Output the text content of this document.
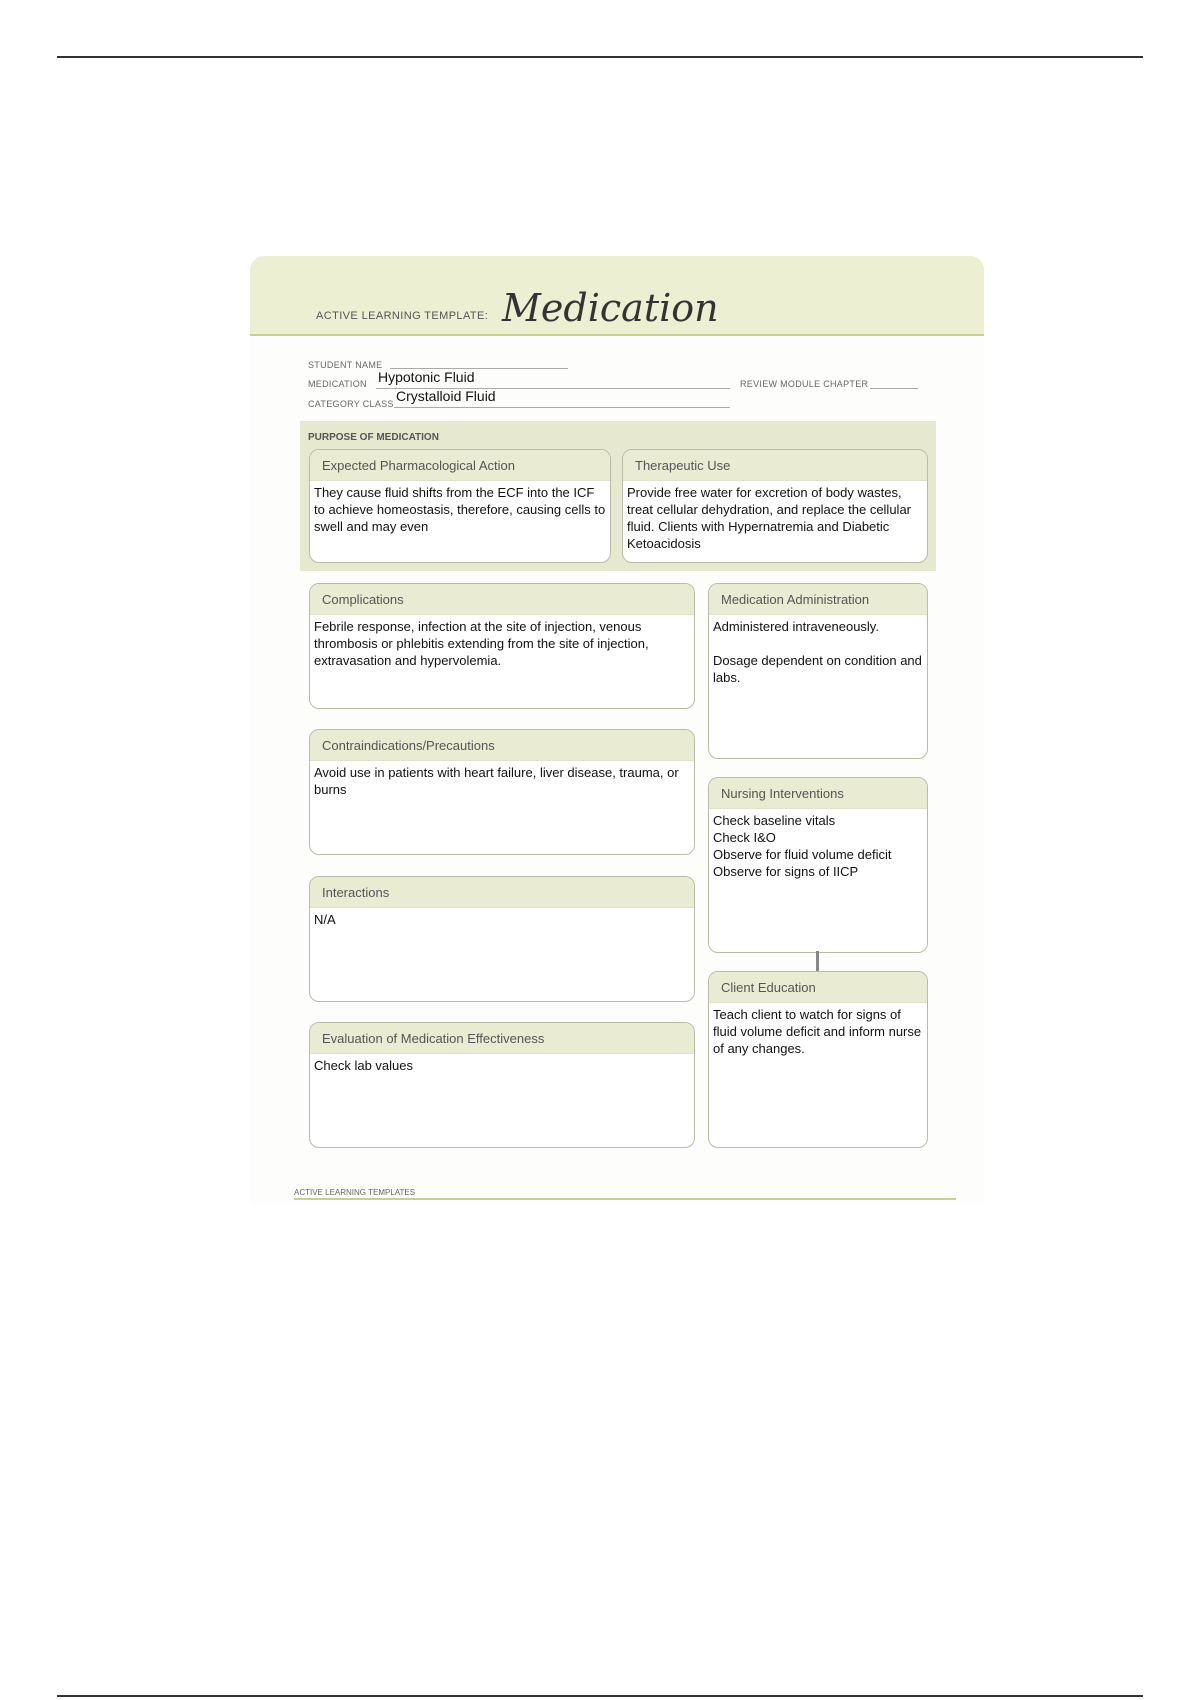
ACTIVE LEARNING TEMPLATE: Medication
STUDENT NAME
MEDICATION Hypotonic Fluid	REVIEW MODULE CHAPTER
CATEGORY CLASS Crystalloid Fluid
PURPOSE OF MEDICATION
Expected Pharmacological Action
They cause fluid shifts from the ECF into the ICF to achieve homeostasis, therefore, causing cells to swell and may even
Therapeutic Use
Provide free water for excretion of body wastes, treat cellular dehydration, and replace the cellular fluid. Clients with Hypernatremia and Diabetic Ketoacidosis
Complications
Febrile response, infection at the site of injection, venous thrombosis or phlebitis extending from the site of injection, extravasation and hypervolemia.
Contraindications/Precautions
Avoid use in patients with heart failure, liver disease, trauma, or burns
Interactions
N/A
Evaluation of Medication Effectiveness
Check lab values
Medication Administration
Administered intraveneously.

Dosage dependent on condition and labs.
Nursing Interventions
Check baseline vitals
Check I&O
Observe for fluid volume deficit
Observe for signs of IICP
Client Education
Teach client to watch for signs of fluid volume deficit and inform nurse of any changes.
ACTIVE LEARNING TEMPLATES
